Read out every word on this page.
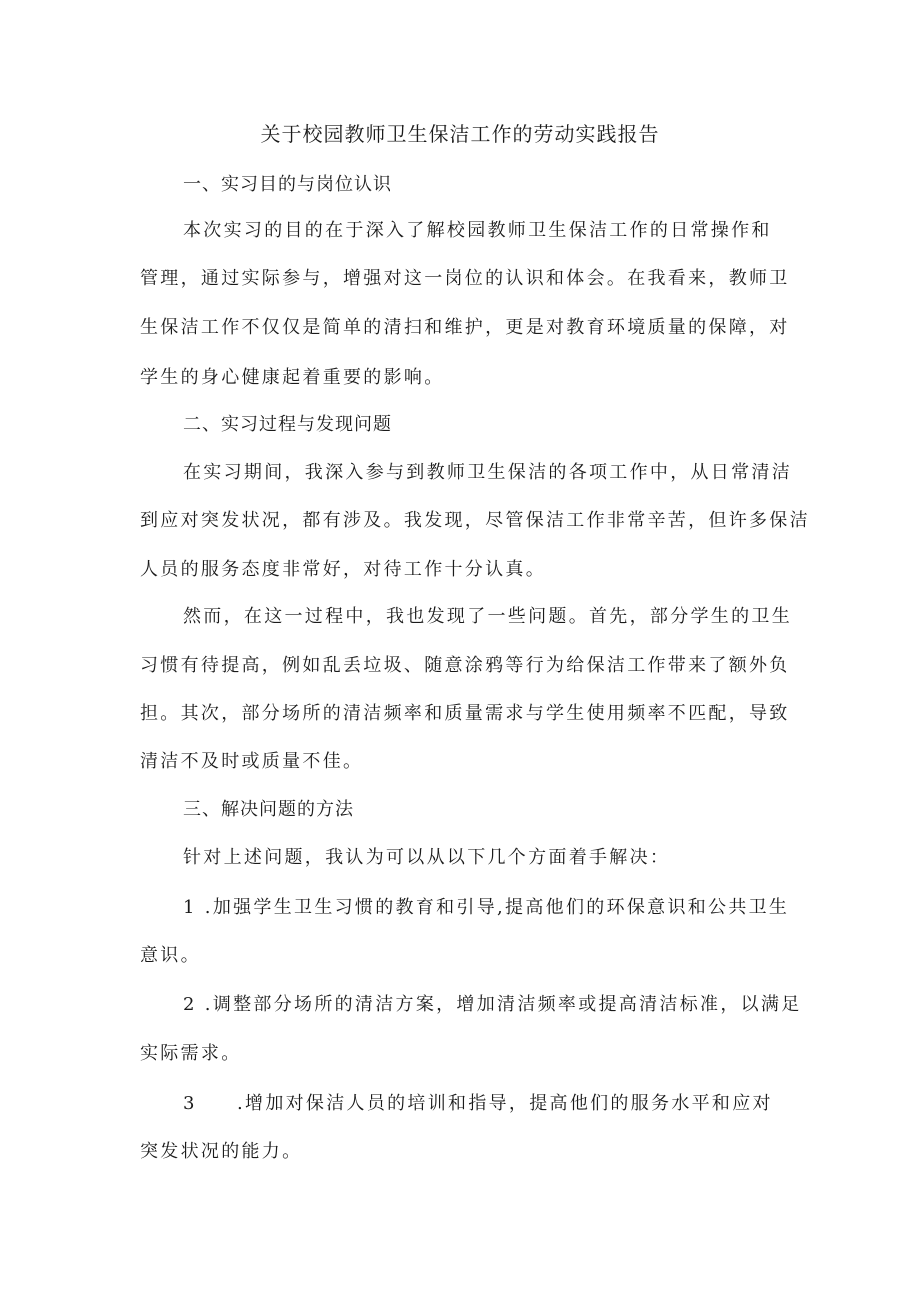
关于校园教师卫生保洁工作的劳动实践报告

一、实习目的与岗位认识

本次实习的目的在于深入了解校园教师卫生保洁工作的日常操作和

管理，通过实际参与，增强对这一岗位的认识和体会。在我看来，教师卫

生保洁工作不仅仅是简单的清扫和维护，更是对教育环境质量的保障，对

学生的身心健康起着重要的影响。

二、实习过程与发现问题

在实习期间，我深入参与到教师卫生保洁的各项工作中，从日常清洁

到应对突发状况，都有涉及。我发现，尽管保洁工作非常辛苦，但许多保洁

人员的服务态度非常好，对待工作十分认真。

然而，在这一过程中，我也发现了一些问题。首先，部分学生的卫生

习惯有待提高，例如乱丢垃圾、随意涂鸦等行为给保洁工作带来了额外负

担。其次，部分场所的清洁频率和质量需求与学生使用频率不匹配，导致

清洁不及时或质量不佳。

三、解决问题的方法

针对上述问题，我认为可以从以下几个方面着手解决：

1 .加强学生卫生习惯的教育和引导,提高他们的环保意识和公共卫生

意识。

2 .调整部分场所的清洁方案，增加清洁频率或提高清洁标准，以满足

实际需求。

3 .增加对保洁人员的培训和指导，提高他们的服务水平和应对

突发状况的能力。
